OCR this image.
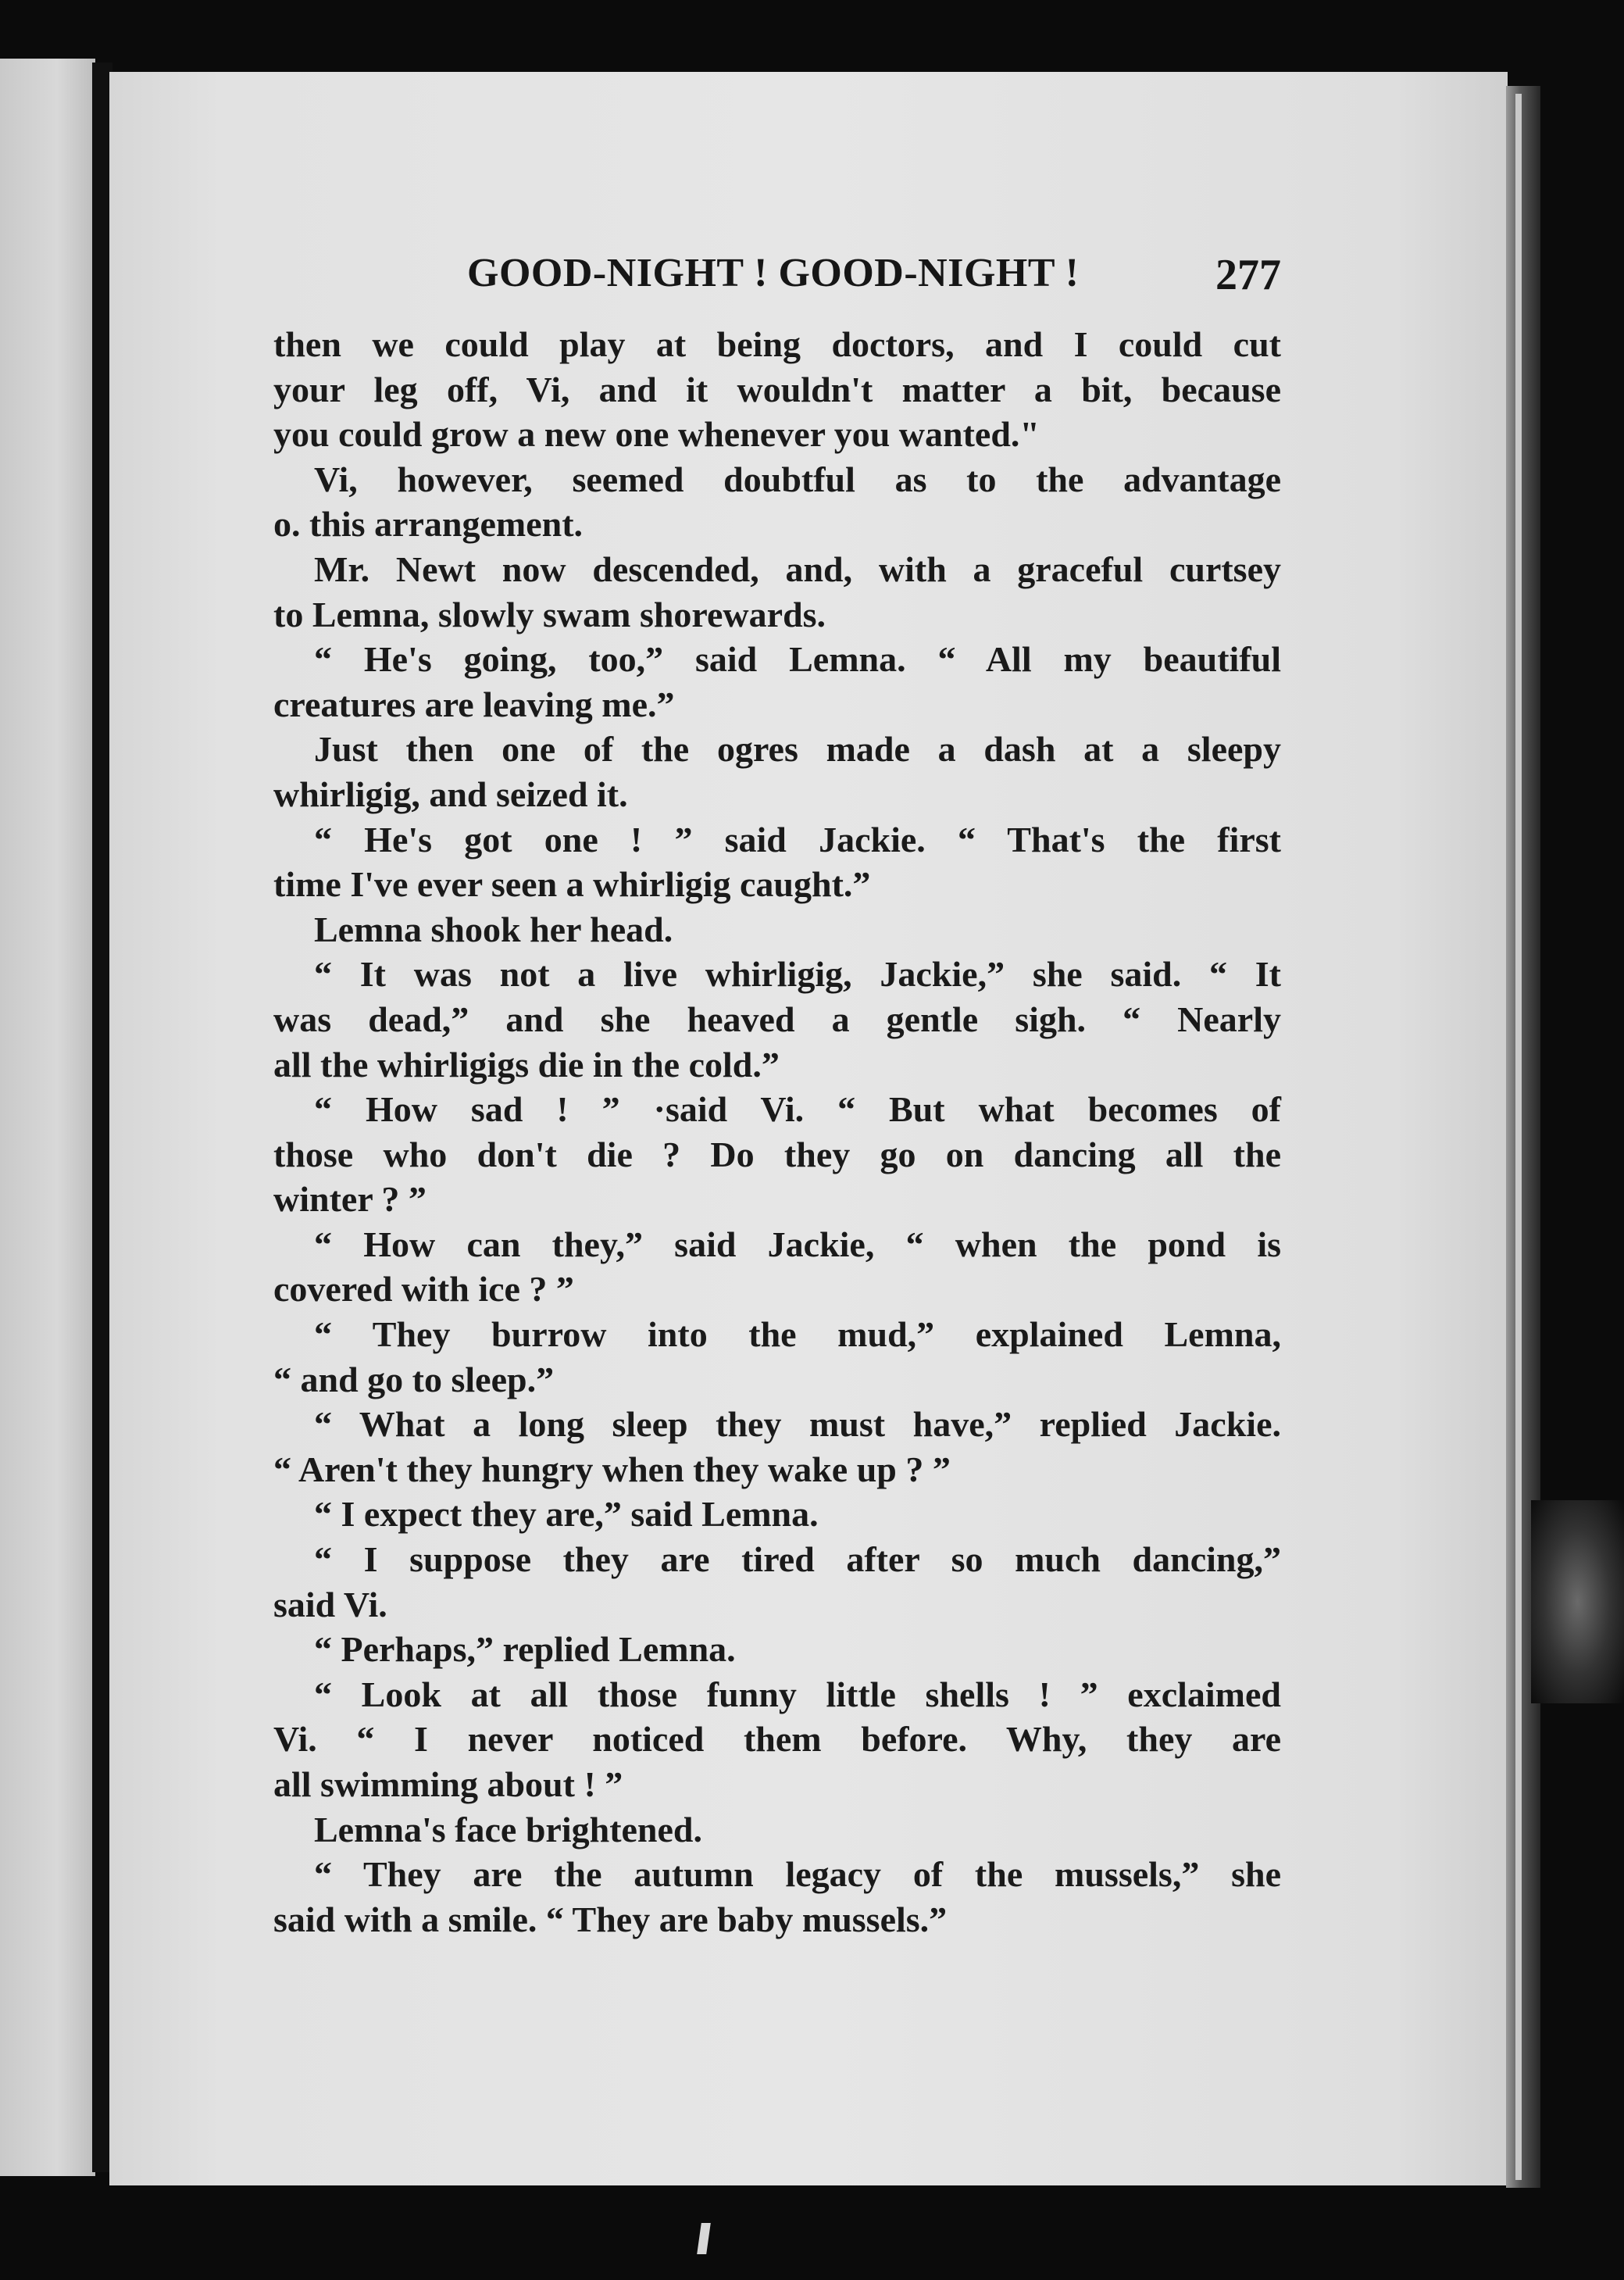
GOOD-NIGHT ! GOOD-NIGHT !	277
then we could play at being doctors, and I could cut
your leg off, Vi, and it wouldn't matter a bit, because
you could grow a new one whenever you wanted."
Vi, however, seemed doubtful as to the advantage
o. this arrangement.
Mr. Newt now descended, and, with a graceful curtsey
to Lemna, slowly swam shorewards.
“ He's going, too,” said Lemna. “ All my beautiful
creatures are leaving me.”
Just then one of the ogres made a dash at a sleepy
whirligig, and seized it.
“ He's got one ! ” said Jackie. “ That's the first
time I've ever seen a whirligig caught.”
Lemna shook her head.
“ It was not a live whirligig, Jackie,” she said. “ It
was dead,” and she heaved a gentle sigh. “ Nearly
all the whirligigs die in the cold.”
“ How sad ! ” ·said Vi. “ But what becomes of
those who don't die ? Do they go on dancing all the
winter ? ”
“ How can they,” said Jackie, “ when the pond is
covered with ice ? ”
“ They burrow into the mud,” explained Lemna,
“ and go to sleep.”
“ What a long sleep they must have,” replied Jackie.
“ Aren't they hungry when they wake up ? ”
“ I expect they are,” said Lemna.
“ I suppose they are tired after so much dancing,”
said Vi.
“ Perhaps,” replied Lemna.
“ Look at all those funny little shells ! ” exclaimed
Vi. “ I never noticed them before. Why, they are
all swimming about ! ”
Lemna's face brightened.
“ They are the autumn legacy of the mussels,” she
said with a smile. “ They are baby mussels.”
